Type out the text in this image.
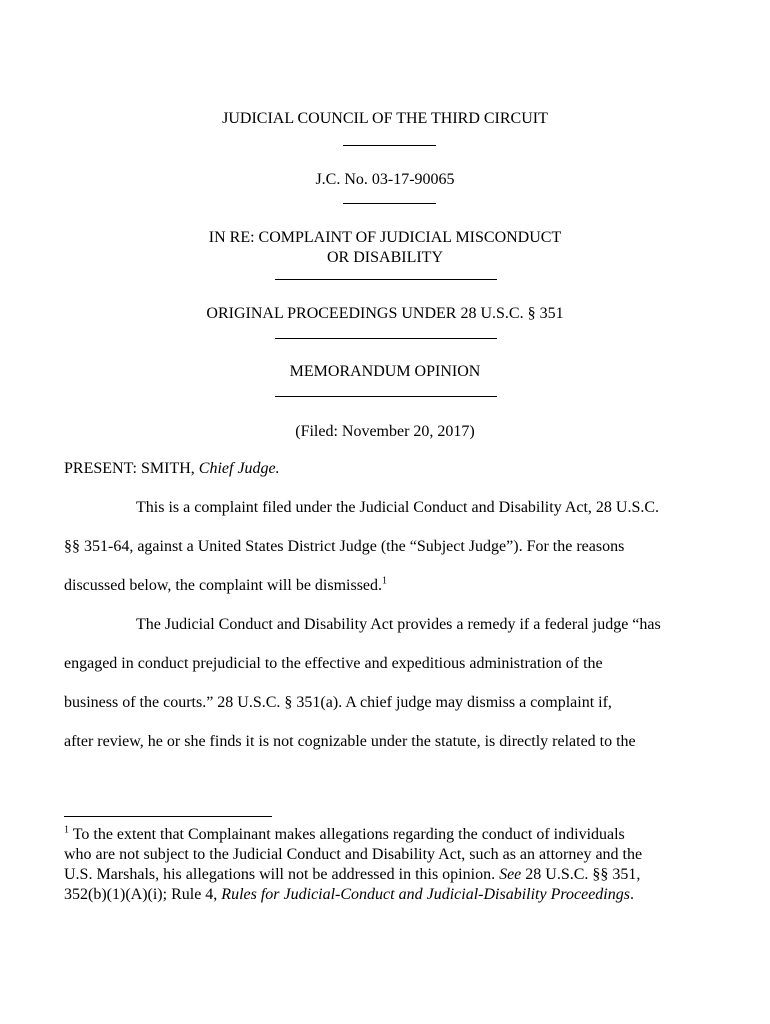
JUDICIAL COUNCIL OF THE THIRD CIRCUIT
J.C. No. 03-17-90065
IN RE: COMPLAINT OF JUDICIAL MISCONDUCT
OR DISABILITY
ORIGINAL PROCEEDINGS UNDER 28 U.S.C. § 351
MEMORANDUM OPINION
(Filed: November 20, 2017)
PRESENT: SMITH, Chief Judge.
This is a complaint filed under the Judicial Conduct and Disability Act, 28 U.S.C.
§§ 351-64, against a United States District Judge (the “Subject Judge”). For the reasons
discussed below, the complaint will be dismissed.$^1$
The Judicial Conduct and Disability Act provides a remedy if a federal judge “has
engaged in conduct prejudicial to the effective and expeditious administration of the
business of the courts.” 28 U.S.C. § 351(a). A chief judge may dismiss a complaint if,
after review, he or she finds it is not cognizable under the statute, is directly related to the
$^1$ To the extent that Complainant makes allegations regarding the conduct of individuals
who are not subject to the Judicial Conduct and Disability Act, such as an attorney and the
U.S. Marshals, his allegations will not be addressed in this opinion. See 28 U.S.C. §§ 351,
352(b)(1)(A)(i); Rule 4, Rules for Judicial-Conduct and Judicial-Disability Proceedings.
